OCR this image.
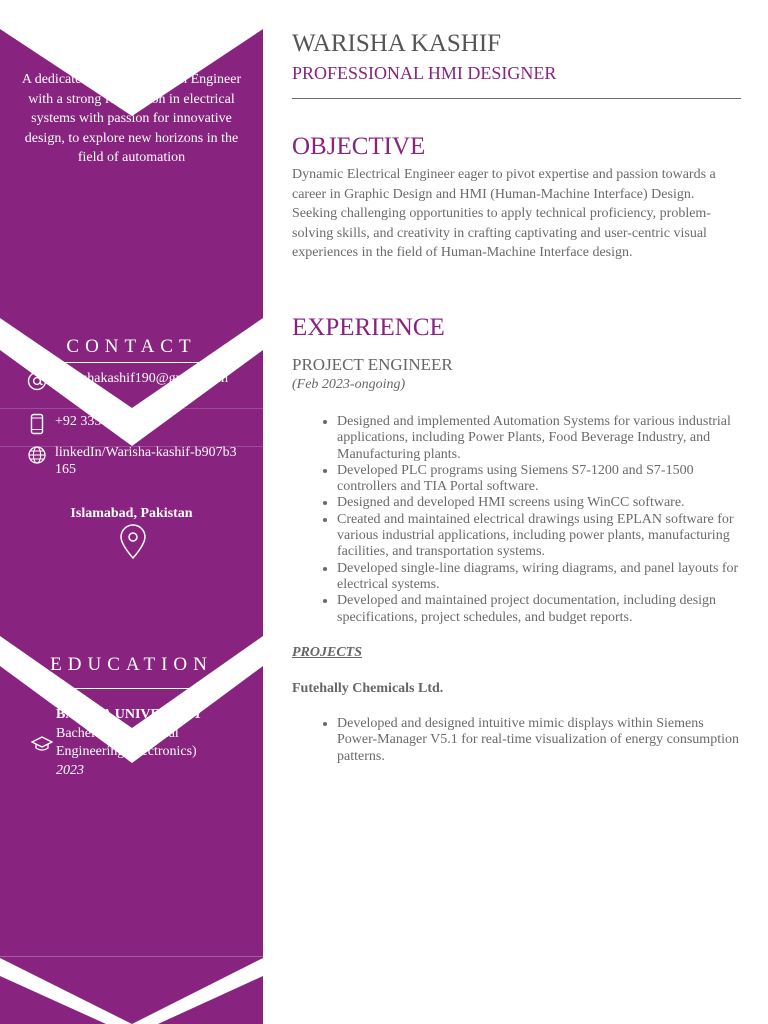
A dedicated and result-driven Engineer with a strong foundation in electrical systems with passion for innovative design, to explore new horizons in the field of automation
CONTACT
Warishakashif190@gmail.com
+92 335 5870593
linkedIn/Warisha-kashif-b907b3165
Islamabad, Pakistan
EDUCATION
BAHRIA UNIVERSITY
Bachelor of Electrical Engineering(Electronics)
2023
WARISHA KASHIF
PROFESSIONAL HMI DESIGNER
OBJECTIVE
Dynamic Electrical Engineer eager to pivot expertise and passion towards a career in Graphic Design and HMI (Human-Machine Interface) Design. Seeking challenging opportunities to apply technical proficiency, problem-solving skills, and creativity in crafting captivating and user-centric visual experiences in the field of Human-Machine Interface design.
EXPERIENCE
PROJECT ENGINEER
(Feb 2023-ongoing)
• Designed and implemented Automation Systems for various industrial applications, including Power Plants, Food Beverage Industry, and Manufacturing plants.
• Developed PLC programs using Siemens S7-1200 and S7-1500 controllers and TIA Portal software.
• Designed and developed HMI screens using WinCC software.
• Created and maintained electrical drawings using EPLAN software for various industrial applications, including power plants, manufacturing facilities, and transportation systems.
• Developed single-line diagrams, wiring diagrams, and panel layouts for electrical systems.
• Developed and maintained project documentation, including design specifications, project schedules, and budget reports.
PROJECTS
Futehally Chemicals Ltd.
• Developed and designed intuitive mimic displays within Siemens Power-Manager V5.1 for real-time visualization of energy consumption patterns.
